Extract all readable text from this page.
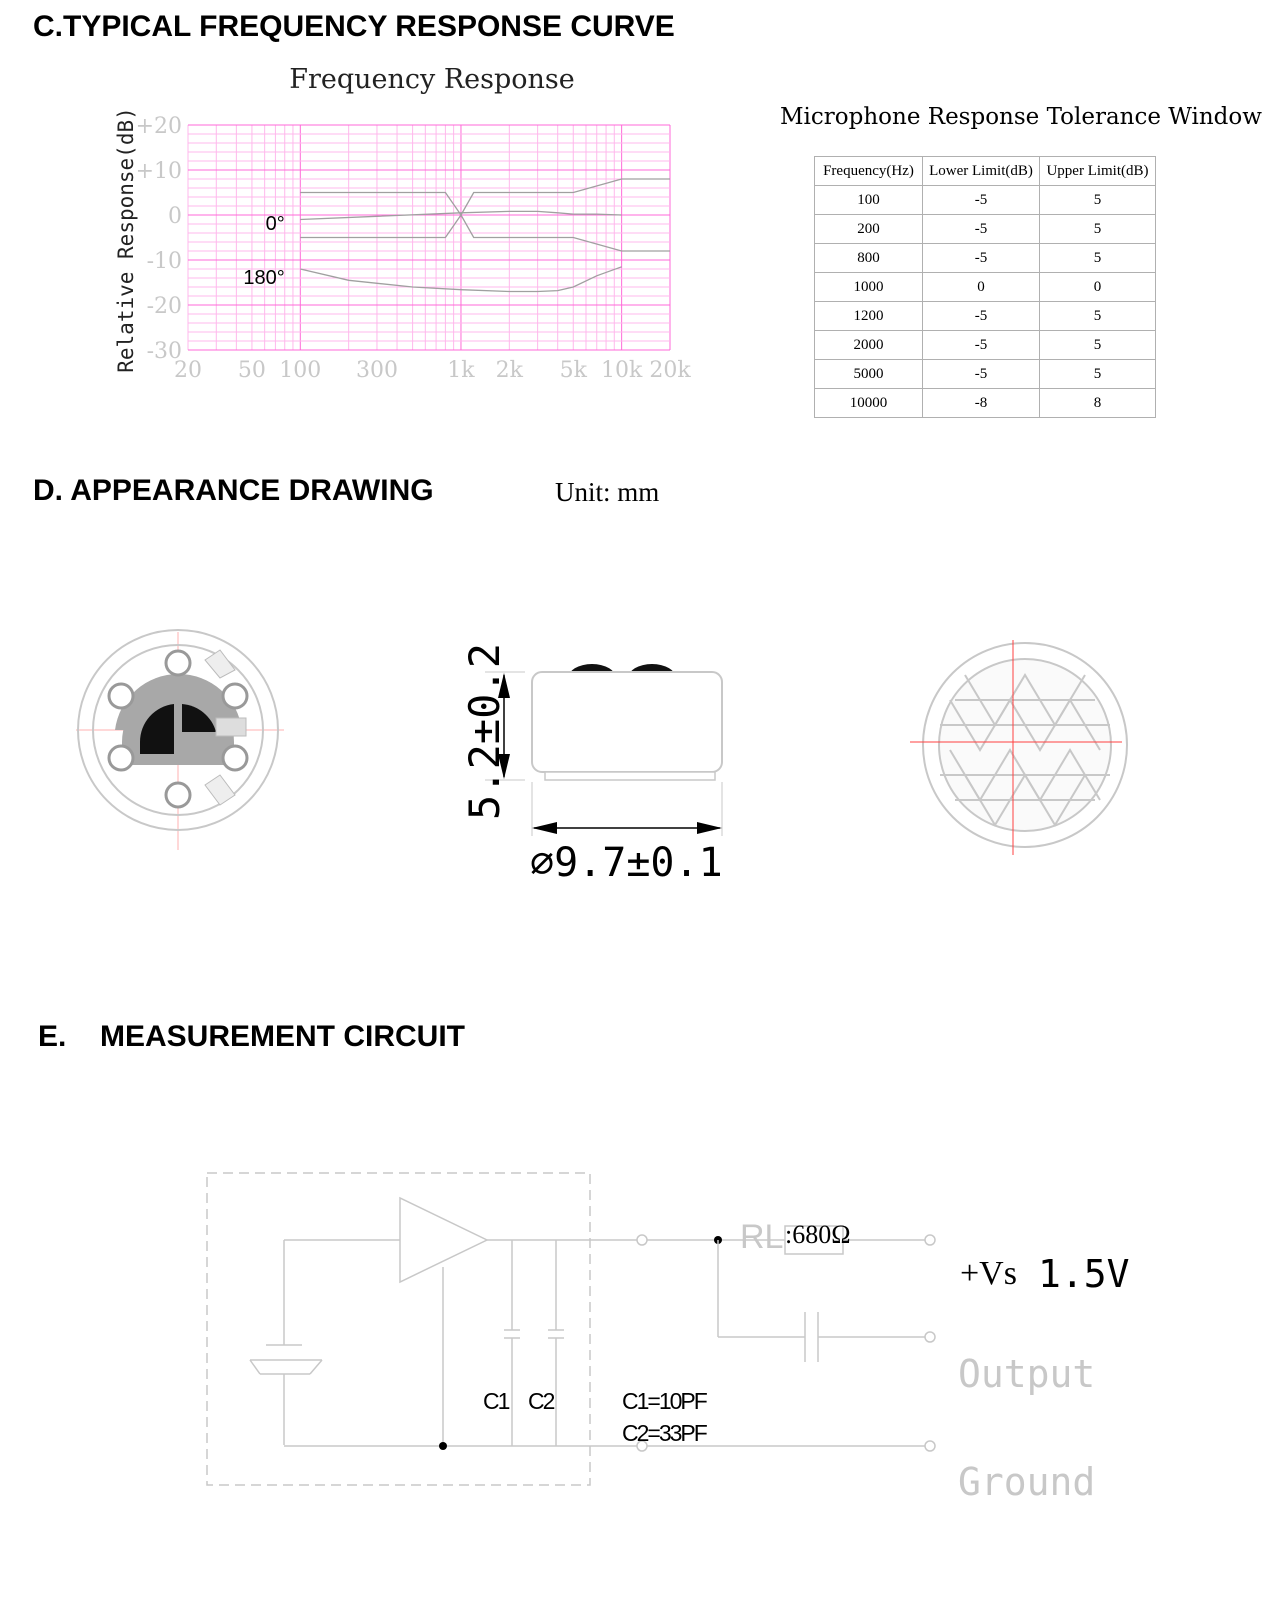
C.TYPICAL FREQUENCY RESPONSE CURVE
Frequency Response
Relative Response(dB) 20 50 100 300 1k 2k 5k 10k 20k
+20
+10
0
-10
-20
-30
0°
180°
Microphone Response Tolerance Window
Frequency(Hz)	Lower Limit(dB)	Upper Limit(dB)
100	-5	5
200	-5	5
800	-5	5
1000	0	0
1200	-5	5
2000	-5	5
5000	-5	5
10000	-8	8
D. APPEARANCE DRAWING	Unit: mm
5.2±0.2
⌀9.7±0.1
E. MEASUREMENT CIRCUIT
RL :680Ω
+Vs 1.5V
Output
Ground
C1 C2	C1=10PF
C2=33PF
